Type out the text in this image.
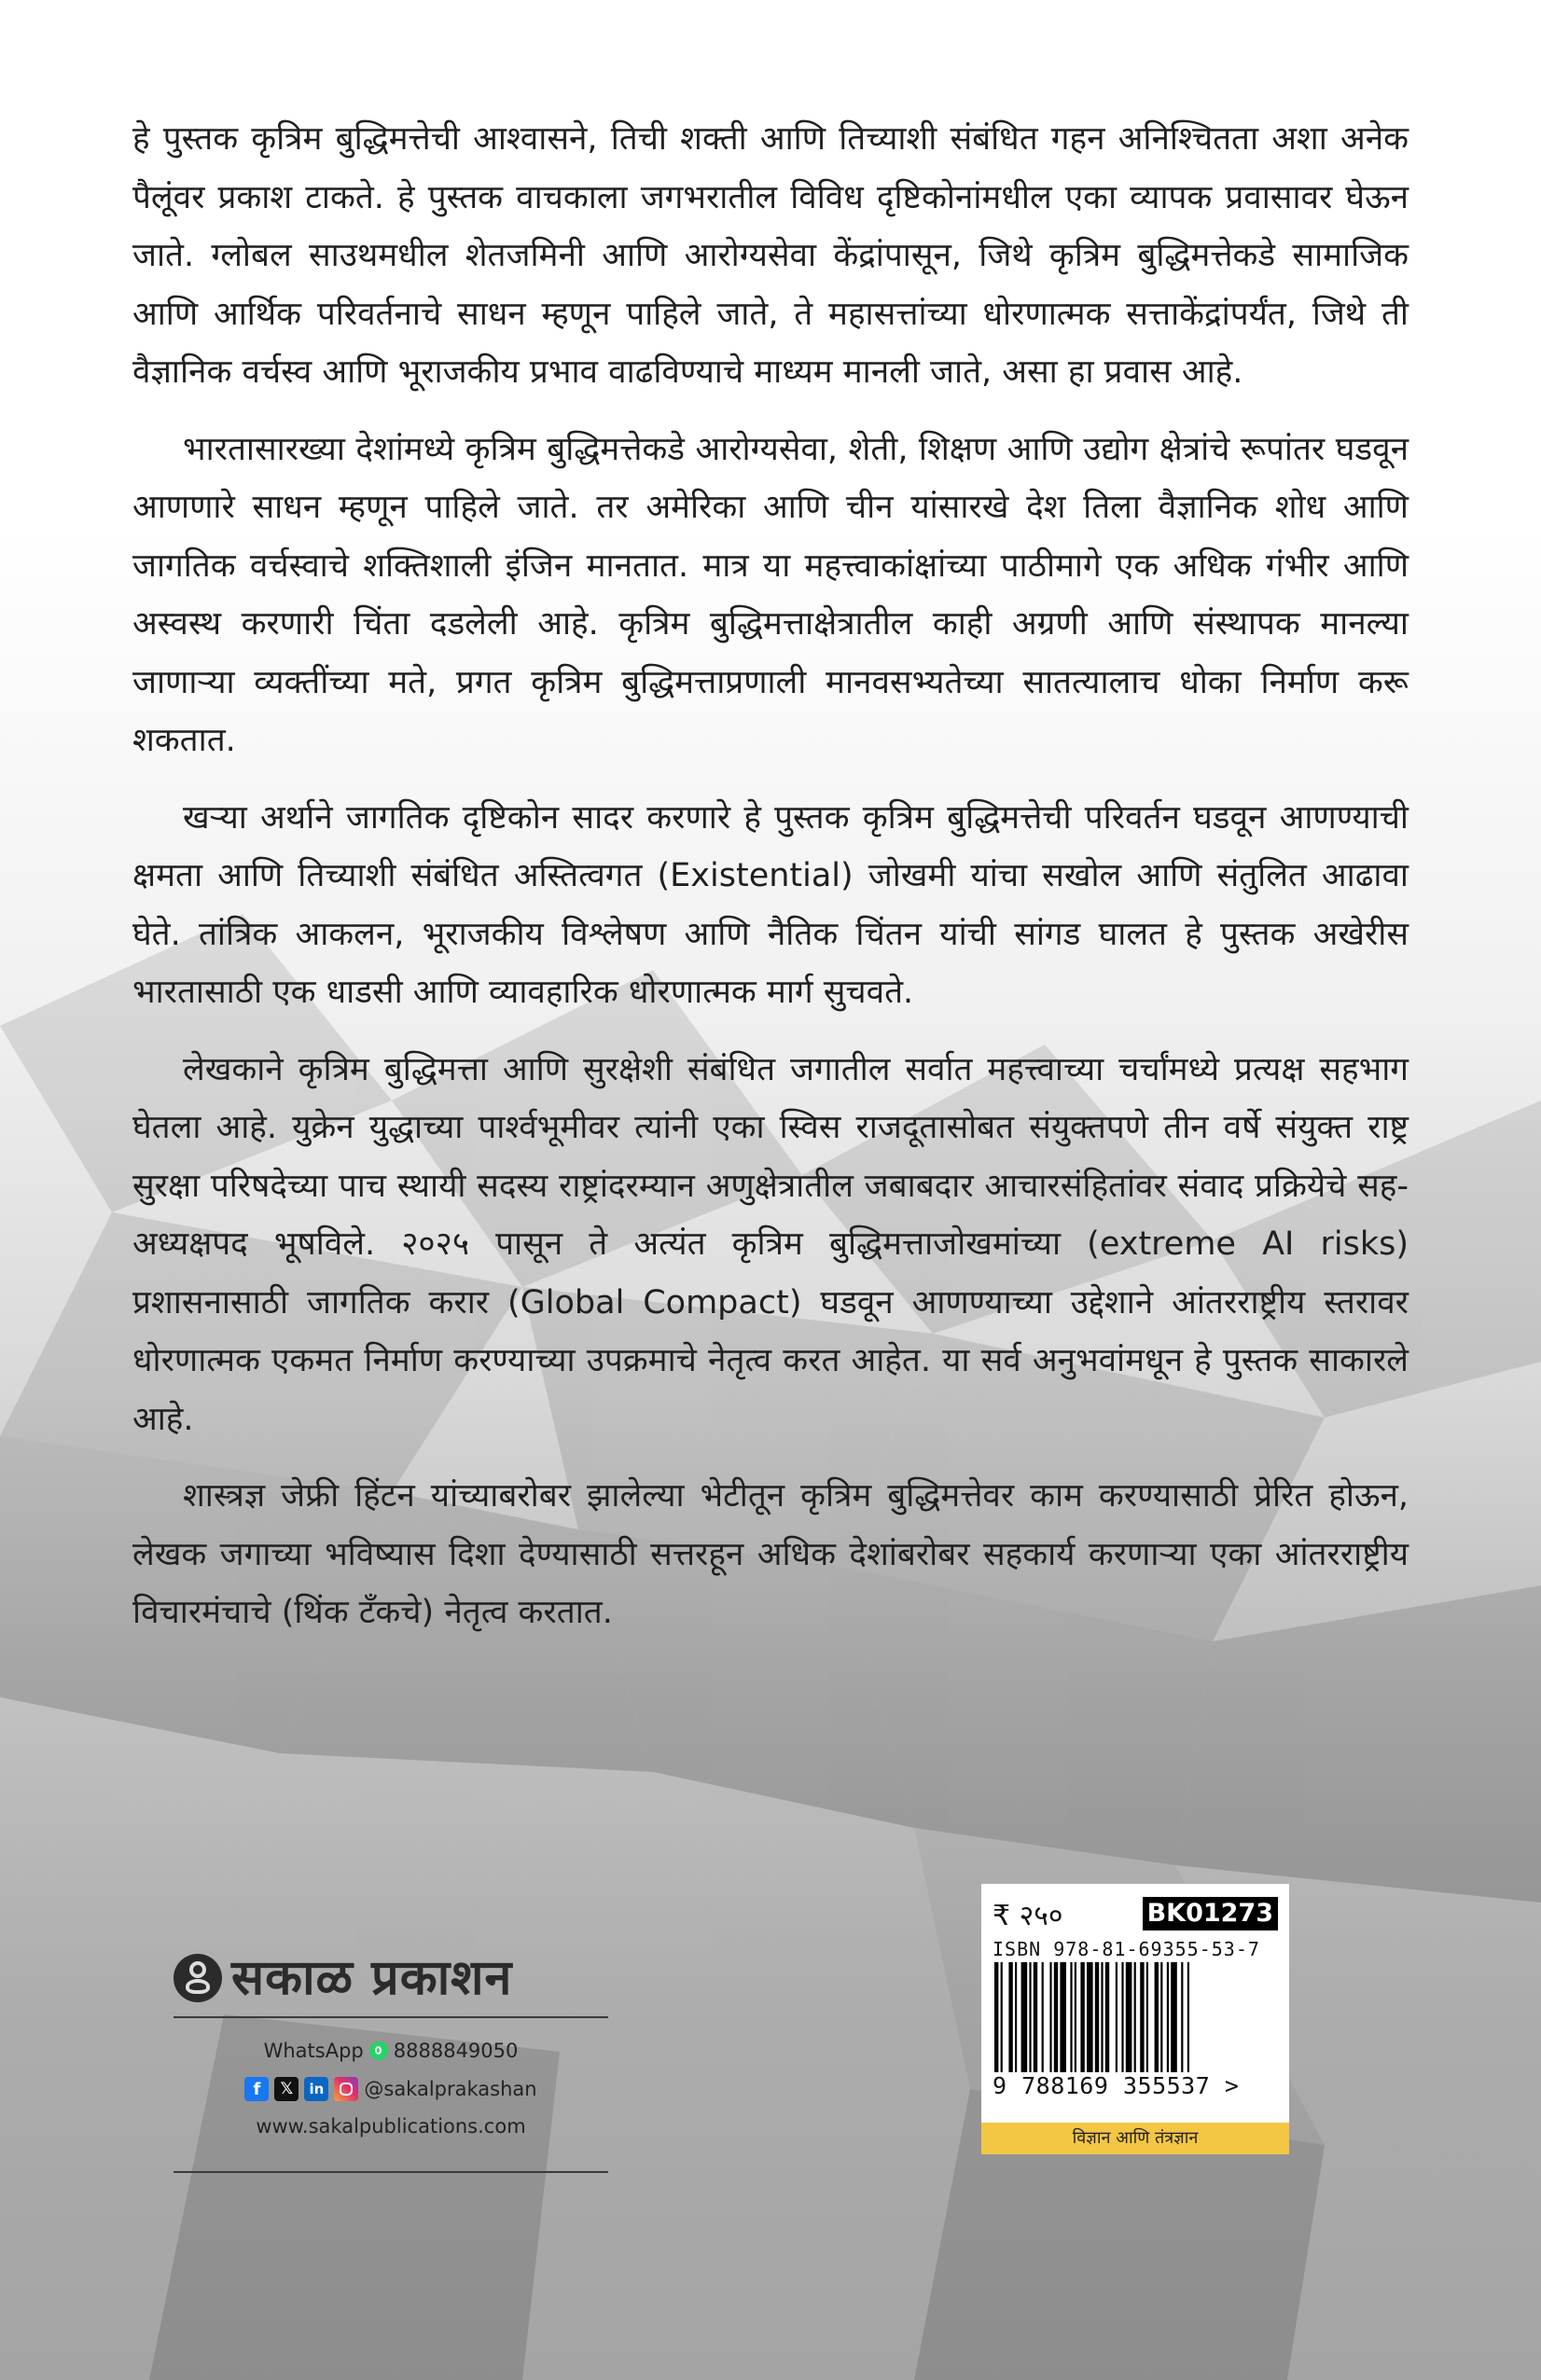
हे पुस्तक कृत्रिम बुद्धिमत्तेची आश्वासने, तिची शक्ती आणि तिच्याशी संबंधित गहन अनिश्चितता अशा अनेक पैलूंवर प्रकाश टाकते. हे पुस्तक वाचकाला जगभरातील विविध दृष्टिकोनांमधील एका व्यापक प्रवासावर घेऊन जाते. ग्लोबल साउथमधील शेतजमिनी आणि आरोग्यसेवा केंद्रांपासून, जिथे कृत्रिम बुद्धिमत्तेकडे सामाजिक आणि आर्थिक परिवर्तनाचे साधन म्हणून पाहिले जाते, ते महासत्तांच्या धोरणात्मक सत्ताकेंद्रांपर्यंत, जिथे ती वैज्ञानिक वर्चस्व आणि भूराजकीय प्रभाव वाढविण्याचे माध्यम मानली जाते, असा हा प्रवास आहे.

भारतासारख्या देशांमध्ये कृत्रिम बुद्धिमत्तेकडे आरोग्यसेवा, शेती, शिक्षण आणि उद्योग क्षेत्रांचे रूपांतर घडवून आणणारे साधन म्हणून पाहिले जाते. तर अमेरिका आणि चीन यांसारखे देश तिला वैज्ञानिक शोध आणि जागतिक वर्चस्वाचे शक्तिशाली इंजिन मानतात. मात्र या महत्त्वाकांक्षांच्या पाठीमागे एक अधिक गंभीर आणि अस्वस्थ करणारी चिंता दडलेली आहे. कृत्रिम बुद्धिमत्ताक्षेत्रातील काही अग्रणी आणि संस्थापक मानल्या जाणाऱ्या व्यक्तींच्या मते, प्रगत कृत्रिम बुद्धिमत्ताप्रणाली मानवसभ्यतेच्या सातत्यालाच धोका निर्माण करू शकतात.

खऱ्या अर्थाने जागतिक दृष्टिकोन सादर करणारे हे पुस्तक कृत्रिम बुद्धिमत्तेची परिवर्तन घडवून आणण्याची क्षमता आणि तिच्याशी संबंधित अस्तित्वगत (Existential) जोखमी यांचा सखोल आणि संतुलित आढावा घेते. तांत्रिक आकलन, भूराजकीय विश्लेषण आणि नैतिक चिंतन यांची सांगड घालत हे पुस्तक अखेरीस भारतासाठी एक धाडसी आणि व्यावहारिक धोरणात्मक मार्ग सुचवते.

लेखकाने कृत्रिम बुद्धिमत्ता आणि सुरक्षेशी संबंधित जगातील सर्वात महत्त्वाच्या चर्चांमध्ये प्रत्यक्ष सहभाग घेतला आहे. युक्रेन युद्धाच्या पार्श्वभूमीवर त्यांनी एका स्विस राजदूतासोबत संयुक्तपणे तीन वर्षे संयुक्त राष्ट्र सुरक्षा परिषदेच्या पाच स्थायी सदस्य राष्ट्रांदरम्यान अणुक्षेत्रातील जबाबदार आचारसंहितांवर संवाद प्रक्रियेचे सह-अध्यक्षपद भूषविले. २०२५ पासून ते अत्यंत कृत्रिम बुद्धिमत्ताजोखमांच्या (extreme AI risks) प्रशासनासाठी जागतिक करार (Global Compact) घडवून आणण्याच्या उद्देशाने आंतरराष्ट्रीय स्तरावर धोरणात्मक एकमत निर्माण करण्याच्या उपक्रमाचे नेतृत्व करत आहेत. या सर्व अनुभवांमधून हे पुस्तक साकारले आहे.

शास्त्रज्ञ जेफ्री हिंटन यांच्याबरोबर झालेल्या भेटीतून कृत्रिम बुद्धिमत्तेवर काम करण्यासाठी प्रेरित होऊन, लेखक जगाच्या भविष्यास दिशा देण्यासाठी सत्तरहून अधिक देशांबरोबर सहकार्य करणाऱ्या एका आंतरराष्ट्रीय विचारमंचाचे (थिंक टँकचे) नेतृत्व करतात.

सकाळ प्रकाशन
WhatsApp 8888849050
f	𝕏	in @sakalprakashan
www.sakalpublications.com
₹ २५०	BK01273
ISBN 978-81-69355-53-7
9 788169 355537 >
विज्ञान आणि तंत्रज्ञान
